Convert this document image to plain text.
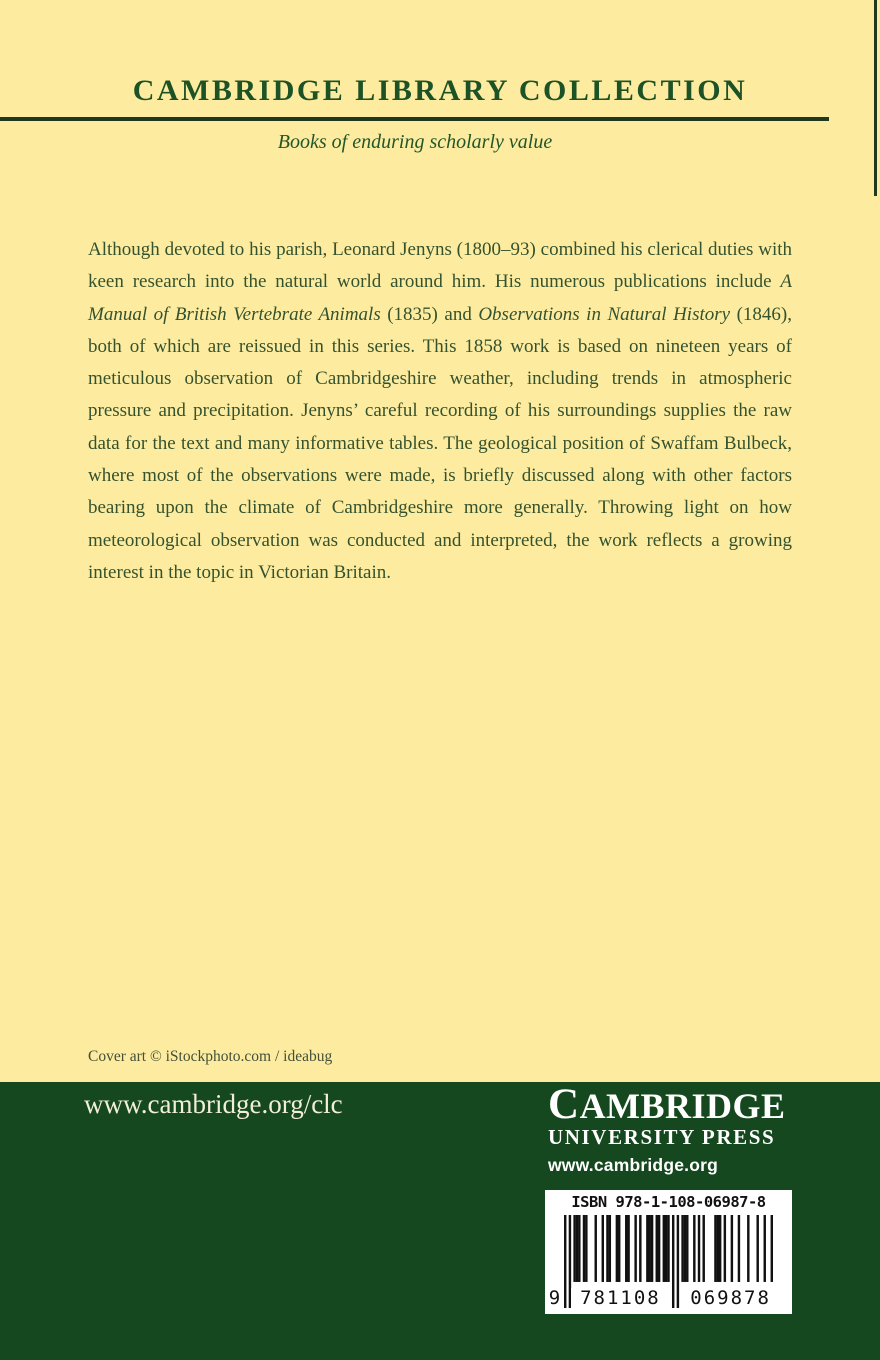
CAMBRIDGE LIBRARY COLLECTION
Books of enduring scholarly value
Although devoted to his parish, Leonard Jenyns (1800–93) combined his clerical duties with keen research into the natural world around him. His numerous publications include A Manual of British Vertebrate Animals (1835) and Observations in Natural History (1846), both of which are reissued in this series. This 1858 work is based on nineteen years of meticulous observation of Cambridgeshire weather, including trends in atmospheric pressure and precipitation. Jenyns’ careful recording of his surroundings supplies the raw data for the text and many informative tables. The geological position of Swaffam Bulbeck, where most of the observations were made, is briefly discussed along with other factors bearing upon the climate of Cambridgeshire more generally. Throwing light on how meteorological observation was conducted and interpreted, the work reflects a growing interest in the topic in Victorian Britain.
Cover art © iStockphoto.com / ideabug
www.cambridge.org/clc	CAMBRIDGE
UNIVERSITY PRESS
www.cambridge.org
ISBN 978-1-108-06987-8
9	781108	069878
